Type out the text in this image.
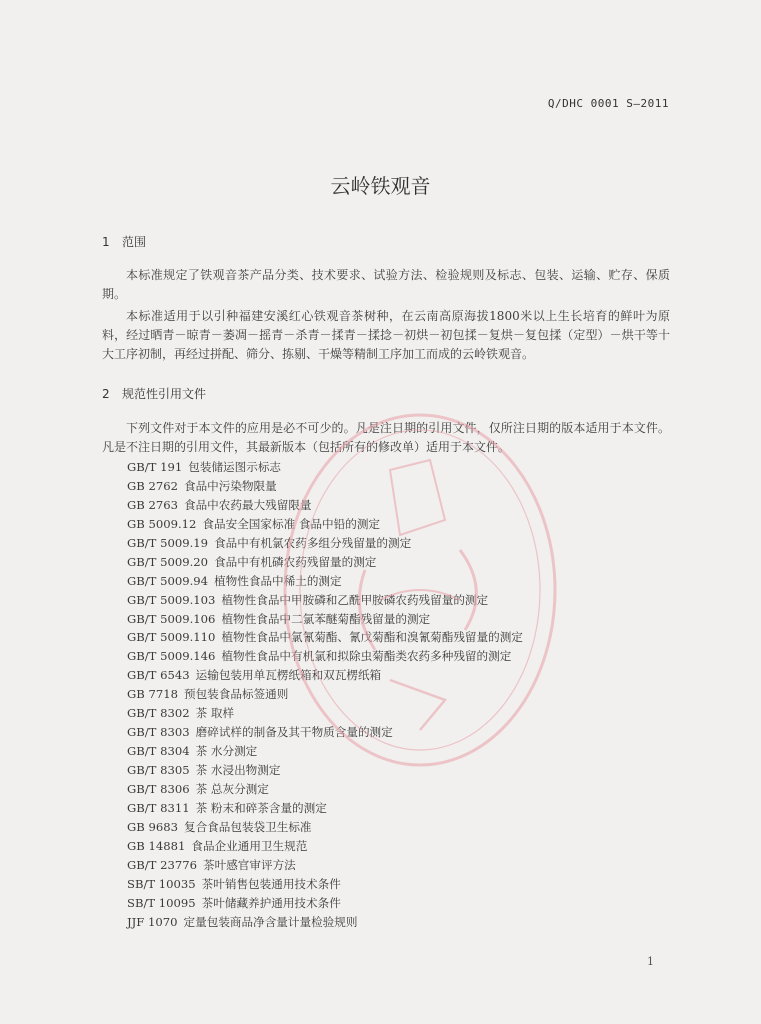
Q/DHC 0001 S—2011
云岭铁观音
1 范围
本标准规定了铁观音茶产品分类、技术要求、试验方法、检验规则及标志、包装、运输、贮存、保质期。
本标准适用于以引种福建安溪红心铁观音茶树种，在云南高原海拔1800米以上生长培育的鲜叶为原料，经过晒青－晾青－萎凋－摇青－杀青－揉青－揉捻－初烘－初包揉－复烘－复包揉（定型）－烘干等十大工序初制，再经过拼配、筛分、拣剔、干燥等精制工序加工而成的云岭铁观音。
2 规范性引用文件
下列文件对于本文件的应用是必不可少的。凡是注日期的引用文件，仅所注日期的版本适用于本文件。凡是不注日期的引用文件，其最新版本（包括所有的修改单）适用于本文件。
GB/T 191 包装储运图示标志
GB 2762 食品中污染物限量
GB 2763 食品中农药最大残留限量
GB 5009.12 食品安全国家标准 食品中铅的测定
GB/T 5009.19 食品中有机氯农药多组分残留量的测定
GB/T 5009.20 食品中有机磷农药残留量的测定
GB/T 5009.94 植物性食品中稀土的测定
GB/T 5009.103 植物性食品中甲胺磷和乙酰甲胺磷农药残留量的测定
GB/T 5009.106 植物性食品中二氯苯醚菊酯残留量的测定
GB/T 5009.110 植物性食品中氯氰菊酯、氰戊菊酯和溴氰菊酯残留量的测定
GB/T 5009.146 植物性食品中有机氯和拟除虫菊酯类农药多种残留的测定
GB/T 6543 运输包装用单瓦楞纸箱和双瓦楞纸箱
GB 7718 预包装食品标签通则
GB/T 8302 茶 取样
GB/T 8303 磨碎试样的制备及其干物质含量的测定
GB/T 8304 茶 水分测定
GB/T 8305 茶 水浸出物测定
GB/T 8306 茶 总灰分测定
GB/T 8311 茶 粉末和碎茶含量的测定
GB 9683 复合食品包装袋卫生标准
GB 14881 食品企业通用卫生规范
GB/T 23776 茶叶感官审评方法
SB/T 10035 茶叶销售包装通用技术条件
SB/T 10095 茶叶储藏养护通用技术条件
JJF 1070 定量包装商品净含量计量检验规则
1
